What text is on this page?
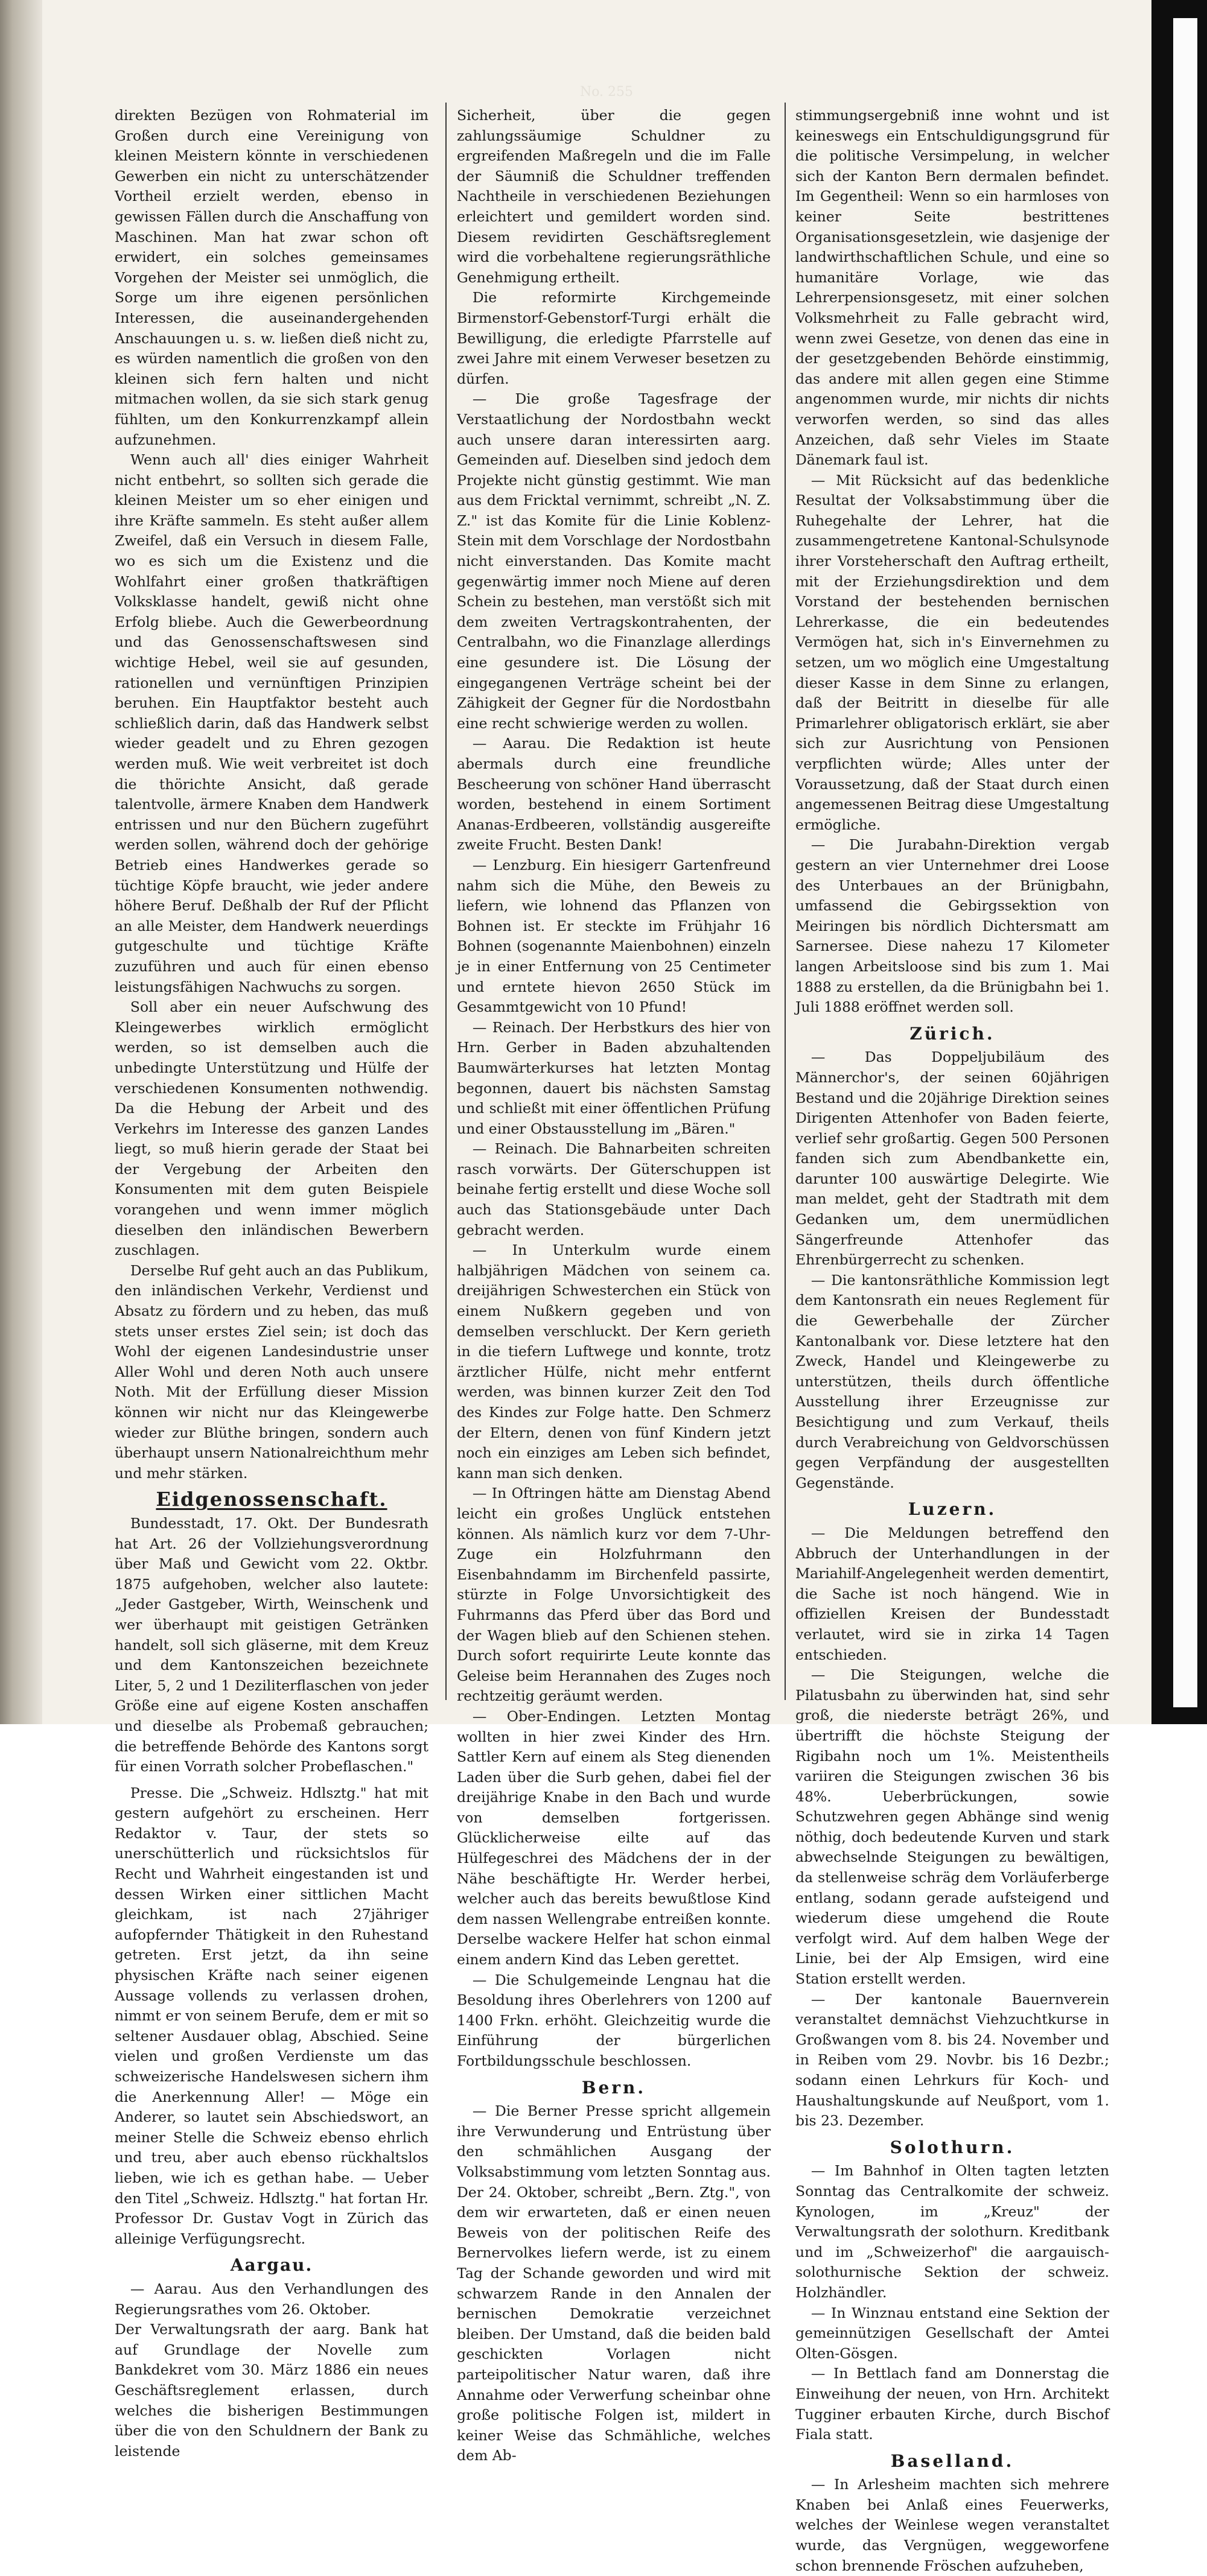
direkten Bezügen von Rohmaterial im Großen durch eine Vereinigung von kleinen Meistern könnte in verschiedenen Gewerben ein nicht zu unterschätzender Vortheil erzielt werden, ebenso in gewissen Fällen durch die Anschaffung von Maschinen. Man hat zwar schon oft erwidert, ein solches gemeinsames Vorgehen der Meister sei unmöglich, die Sorge um ihre eigenen persönlichen Interessen, die auseinandergehenden Anschauungen u. s. w. ließen dieß nicht zu, es würden namentlich die großen von den kleinen sich fern halten und nicht mitmachen wollen, da sie sich stark genug fühlten, um den Konkurrenzkampf allein aufzunehmen.

Wenn auch all' dies einiger Wahrheit nicht entbehrt, so sollten sich gerade die kleinen Meister um so eher einigen und ihre Kräfte sammeln. Es steht außer allem Zweifel, daß ein Versuch in diesem Falle, wo es sich um die Existenz und die Wohlfahrt einer großen thatkräftigen Volksklasse handelt, gewiß nicht ohne Erfolg bliebe. Auch die Gewerbeordnung und das Genossenschaftswesen sind wichtige Hebel, weil sie auf gesunden, rationellen und vernünftigen Prinzipien beruhen. Ein Hauptfaktor besteht auch schließlich darin, daß das Handwerk selbst wieder geadelt und zu Ehren gezogen werden muß. Wie weit verbreitet ist doch die thörichte Ansicht, daß gerade talentvolle, ärmere Knaben dem Handwerk entrissen und nur den Büchern zugeführt werden sollen, während doch der gehörige Betrieb eines Handwerkes gerade so tüchtige Köpfe braucht, wie jeder andere höhere Beruf. Deßhalb der Ruf der Pflicht an alle Meister, dem Handwerk neuerdings gutgeschulte und tüchtige Kräfte zuzuführen und auch für einen ebenso leistungsfähigen Nachwuchs zu sorgen.

Soll aber ein neuer Aufschwung des Kleingewerbes wirklich ermöglicht werden, so ist demselben auch die unbedingte Unterstützung und Hülfe der verschiedenen Konsumenten nothwendig. Da die Hebung der Arbeit und des Verkehrs im Interesse des ganzen Landes liegt, so muß hierin gerade der Staat bei der Vergebung der Arbeiten den Konsumenten mit dem guten Beispiele vorangehen und wenn immer möglich dieselben den inländischen Bewerbern zuschlagen.

Derselbe Ruf geht auch an das Publikum, den inländischen Verkehr, Verdienst und Absatz zu fördern und zu heben, das muß stets unser erstes Ziel sein; ist doch das Wohl der eigenen Landesindustrie unser Aller Wohl und deren Noth auch unsere Noth. Mit der Erfüllung dieser Mission können wir nicht nur das Kleingewerbe wieder zur Blüthe bringen, sondern auch überhaupt unsern Nationalreichthum mehr und mehr stärken.

Eidgenossenschaft.

Bundesstadt, 17. Okt. Der Bundesrath hat Art. 26 der Vollziehungsverordnung über Maß und Gewicht vom 22. Oktbr. 1875 aufgehoben, welcher also lautete: „Jeder Gastgeber, Wirth, Weinschenk und wer überhaupt mit geistigen Getränken handelt, soll sich gläserne, mit dem Kreuz und dem Kantonszeichen bezeichnete Liter, 5, 2 und 1 Deziliterflaschen von jeder Größe eine auf eigene Kosten anschaffen und dieselbe als Probemaß gebrauchen; die betreffende Behörde des Kantons sorgt für einen Vorrath solcher Probeflaschen."

Presse. Die „Schweiz. Hdlsztg." hat mit gestern aufgehört zu erscheinen. Herr Redaktor v. Taur, der stets so unerschütterlich und rücksichtslos für Recht und Wahrheit eingestanden ist und dessen Wirken einer sittlichen Macht gleichkam, ist nach 27jähriger aufopfernder Thätigkeit in den Ruhestand getreten. Erst jetzt, da ihn seine physischen Kräfte nach seiner eigenen Aussage vollends zu verlassen drohen, nimmt er von seinem Berufe, dem er mit so seltener Ausdauer oblag, Abschied. Seine vielen und großen Verdienste um das schweizerische Handelswesen sichern ihm die Anerkennung Aller! — Möge ein Anderer, so lautet sein Abschiedswort, an meiner Stelle die Schweiz ebenso ehrlich und treu, aber auch ebenso rückhaltslos lieben, wie ich es gethan habe. — Ueber den Titel „Schweiz. Hdlsztg." hat fortan Hr. Professor Dr. Gustav Vogt in Zürich das alleinige Verfügungsrecht.

Aargau.

— Aarau. Aus den Verhandlungen des Regierungsrathes vom 26. Oktober.

Der Verwaltungsrath der aarg. Bank hat auf Grundlage der Novelle zum Bankdekret vom 30. März 1886 ein neues Geschäftsreglement erlassen, durch welches die bisherigen Bestimmungen über die von den Schuldnern der Bank zu leistende

Sicherheit, über die gegen zahlungssäumige Schuldner zu ergreifenden Maßregeln und die im Falle der Säumniß die Schuldner treffenden Nachtheile in verschiedenen Beziehungen erleichtert und gemildert worden sind. Diesem revidirten Geschäftsreglement wird die vorbehaltene regierungsräthliche Genehmigung ertheilt.

Die reformirte Kirchgemeinde Birmenstorf-Gebenstorf-Turgi erhält die Bewilligung, die erledigte Pfarrstelle auf zwei Jahre mit einem Verweser besetzen zu dürfen.

— Die große Tagesfrage der Verstaatlichung der Nordostbahn weckt auch unsere daran interessirten aarg. Gemeinden auf. Dieselben sind jedoch dem Projekte nicht günstig gestimmt. Wie man aus dem Fricktal vernimmt, schreibt „N. Z. Z." ist das Komite für die Linie Koblenz-Stein mit dem Vorschlage der Nordostbahn nicht einverstanden. Das Komite macht gegenwärtig immer noch Miene auf deren Schein zu bestehen, man verstößt sich mit dem zweiten Vertragskontrahenten, der Centralbahn, wo die Finanzlage allerdings eine gesundere ist. Die Lösung der eingegangenen Verträge scheint bei der Zähigkeit der Gegner für die Nordostbahn eine recht schwierige werden zu wollen.

— Aarau. Die Redaktion ist heute abermals durch eine freundliche Bescheerung von schöner Hand überrascht worden, bestehend in einem Sortiment Ananas-Erdbeeren, vollständig ausgereifte zweite Frucht. Besten Dank!

— Lenzburg. Ein hiesigerr Gartenfreund nahm sich die Mühe, den Beweis zu liefern, wie lohnend das Pflanzen von Bohnen ist. Er steckte im Frühjahr 16 Bohnen (sogenannte Maienbohnen) einzeln je in einer Entfernung von 25 Centimeter und erntete hievon 2650 Stück im Gesammtgewicht von 10 Pfund!

— Reinach. Der Herbstkurs des hier von Hrn. Gerber in Baden abzuhaltenden Baumwärterkurses hat letzten Montag begonnen, dauert bis nächsten Samstag und schließt mit einer öffentlichen Prüfung und einer Obstausstellung im „Bären."

— Reinach. Die Bahnarbeiten schreiten rasch vorwärts. Der Güterschuppen ist beinahe fertig erstellt und diese Woche soll auch das Stationsgebäude unter Dach gebracht werden.

— In Unterkulm wurde einem halbjährigen Mädchen von seinem ca. dreijährigen Schwesterchen ein Stück von einem Nußkern gegeben und von demselben verschluckt. Der Kern gerieth in die tiefern Luftwege und konnte, trotz ärztlicher Hülfe, nicht mehr entfernt werden, was binnen kurzer Zeit den Tod des Kindes zur Folge hatte. Den Schmerz der Eltern, denen von fünf Kindern jetzt noch ein einziges am Leben sich befindet, kann man sich denken.

— In Oftringen hätte am Dienstag Abend leicht ein großes Unglück entstehen können. Als nämlich kurz vor dem 7-Uhr-Zuge ein Holzfuhrmann den Eisenbahndamm im Birchenfeld passirte, stürzte in Folge Unvorsichtigkeit des Fuhrmanns das Pferd über das Bord und der Wagen blieb auf den Schienen stehen. Durch sofort requirirte Leute konnte das Geleise beim Herannahen des Zuges noch rechtzeitig geräumt werden.

— Ober-Endingen. Letzten Montag wollten in hier zwei Kinder des Hrn. Sattler Kern auf einem als Steg dienenden Laden über die Surb gehen, dabei fiel der dreijährige Knabe in den Bach und wurde von demselben fortgerissen. Glücklicherweise eilte auf das Hülfegeschrei des Mädchens der in der Nähe beschäftigte Hr. Werder herbei, welcher auch das bereits bewußtlose Kind dem nassen Wellengrabe entreißen konnte. Derselbe wackere Helfer hat schon einmal einem andern Kind das Leben gerettet.

— Die Schulgemeinde Lengnau hat die Besoldung ihres Oberlehrers von 1200 auf 1400 Frkn. erhöht. Gleichzeitig wurde die Einführung der bürgerlichen Fortbildungsschule beschlossen.

Bern.

— Die Berner Presse spricht allgemein ihre Verwunderung und Entrüstung über den schmählichen Ausgang der Volksabstimmung vom letzten Sonntag aus. Der 24. Oktober, schreibt „Bern. Ztg.", von dem wir erwarteten, daß er einen neuen Beweis von der politischen Reife des Bernervolkes liefern werde, ist zu einem Tag der Schande geworden und wird mit schwarzem Rande in den Annalen der bernischen Demokratie verzeichnet bleiben. Der Umstand, daß die beiden bald geschickten Vorlagen nicht parteipolitischer Natur waren, daß ihre Annahme oder Verwerfung scheinbar ohne große politische Folgen ist, mildert in keiner Weise das Schmähliche, welches dem Ab-

stimmungsergebniß inne wohnt und ist keineswegs ein Entschuldigungsgrund für die politische Versimpelung, in welcher sich der Kanton Bern dermalen befindet. Im Gegentheil: Wenn so ein harmloses von keiner Seite bestrittenes Organisationsgesetzlein, wie dasjenige der landwirthschaftlichen Schule, und eine so humanitäre Vorlage, wie das Lehrerpensionsgesetz, mit einer solchen Volksmehrheit zu Falle gebracht wird, wenn zwei Gesetze, von denen das eine in der gesetzgebenden Behörde einstimmig, das andere mit allen gegen eine Stimme angenommen wurde, mir nichts dir nichts verworfen werden, so sind das alles Anzeichen, daß sehr Vieles im Staate Dänemark faul ist.

— Mit Rücksicht auf das bedenkliche Resultat der Volksabstimmung über die Ruhegehalte der Lehrer, hat die zusammengetretene Kantonal-Schulsynode ihrer Vorsteherschaft den Auftrag ertheilt, mit der Erziehungsdirektion und dem Vorstand der bestehenden bernischen Lehrerkasse, die ein bedeutendes Vermögen hat, sich in's Einvernehmen zu setzen, um wo möglich eine Umgestaltung dieser Kasse in dem Sinne zu erlangen, daß der Beitritt in dieselbe für alle Primarlehrer obligatorisch erklärt, sie aber sich zur Ausrichtung von Pensionen verpflichten würde; Alles unter der Voraussetzung, daß der Staat durch einen angemessenen Beitrag diese Umgestaltung ermögliche.

— Die Jurabahn-Direktion vergab gestern an vier Unternehmer drei Loose des Unterbaues an der Brünigbahn, umfassend die Gebirgssektion von Meiringen bis nördlich Dichtersmatt am Sarnersee. Diese nahezu 17 Kilometer langen Arbeitsloose sind bis zum 1. Mai 1888 zu erstellen, da die Brünigbahn bei 1. Juli 1888 eröffnet werden soll.

Zürich.

— Das Doppeljubiläum des Männerchor's, der seinen 60jährigen Bestand und die 20jährige Direktion seines Dirigenten Attenhofer von Baden feierte, verlief sehr großartig. Gegen 500 Personen fanden sich zum Abendbankette ein, darunter 100 auswärtige Delegirte. Wie man meldet, geht der Stadtrath mit dem Gedanken um, dem unermüdlichen Sängerfreunde Attenhofer das Ehrenbürgerrecht zu schenken.

— Die kantonsräthliche Kommission legt dem Kantonsrath ein neues Reglement für die Gewerbehalle der Zürcher Kantonalbank vor. Diese letztere hat den Zweck, Handel und Kleingewerbe zu unterstützen, theils durch öffentliche Ausstellung ihrer Erzeugnisse zur Besichtigung und zum Verkauf, theils durch Verabreichung von Geldvorschüssen gegen Verpfändung der ausgestellten Gegenstände.

Luzern.

— Die Meldungen betreffend den Abbruch der Unterhandlungen in der Mariahilf-Angelegenheit werden dementirt, die Sache ist noch hängend. Wie in offiziellen Kreisen der Bundesstadt verlautet, wird sie in zirka 14 Tagen entschieden.

— Die Steigungen, welche die Pilatusbahn zu überwinden hat, sind sehr groß, die niederste beträgt 26%, und übertrifft die höchste Steigung der Rigibahn noch um 1%. Meistentheils variiren die Steigungen zwischen 36 bis 48%. Ueberbrückungen, sowie Schutzwehren gegen Abhänge sind wenig nöthig, doch bedeutende Kurven und stark abwechselnde Steigungen zu bewältigen, da stellenweise schräg dem Vorläuferberge entlang, sodann gerade aufsteigend und wiederum diese umgehend die Route verfolgt wird. Auf dem halben Wege der Linie, bei der Alp Emsigen, wird eine Station erstellt werden.

— Der kantonale Bauernverein veranstaltet demnächst Viehzuchtkurse in Großwangen vom 8. bis 24. November und in Reiben vom 29. Novbr. bis 16 Dezbr.; sodann einen Lehrkurs für Koch- und Haushaltungskunde auf Neußport, vom 1. bis 23. Dezember.

Solothurn.

— Im Bahnhof in Olten tagten letzten Sonntag das Centralkomite der schweiz. Kynologen, im „Kreuz" der Verwaltungsrath der solothurn. Kreditbank und im „Schweizerhof" die aargauisch-solothurnische Sektion der schweiz. Holzhändler.

— In Winznau entstand eine Sektion der gemeinnützigen Gesellschaft der Amtei Olten-Gösgen.

— In Bettlach fand am Donnerstag die Einweihung der neuen, von Hrn. Architekt Tugginer erbauten Kirche, durch Bischof Fiala statt.

Baselland.

— In Arlesheim machten sich mehrere Knaben bei Anlaß eines Feuerwerks, welches der Weinlese wegen veranstaltet wurde, das Vergnügen, weggeworfene schon brennende Fröschen aufzuheben,

No. 255
